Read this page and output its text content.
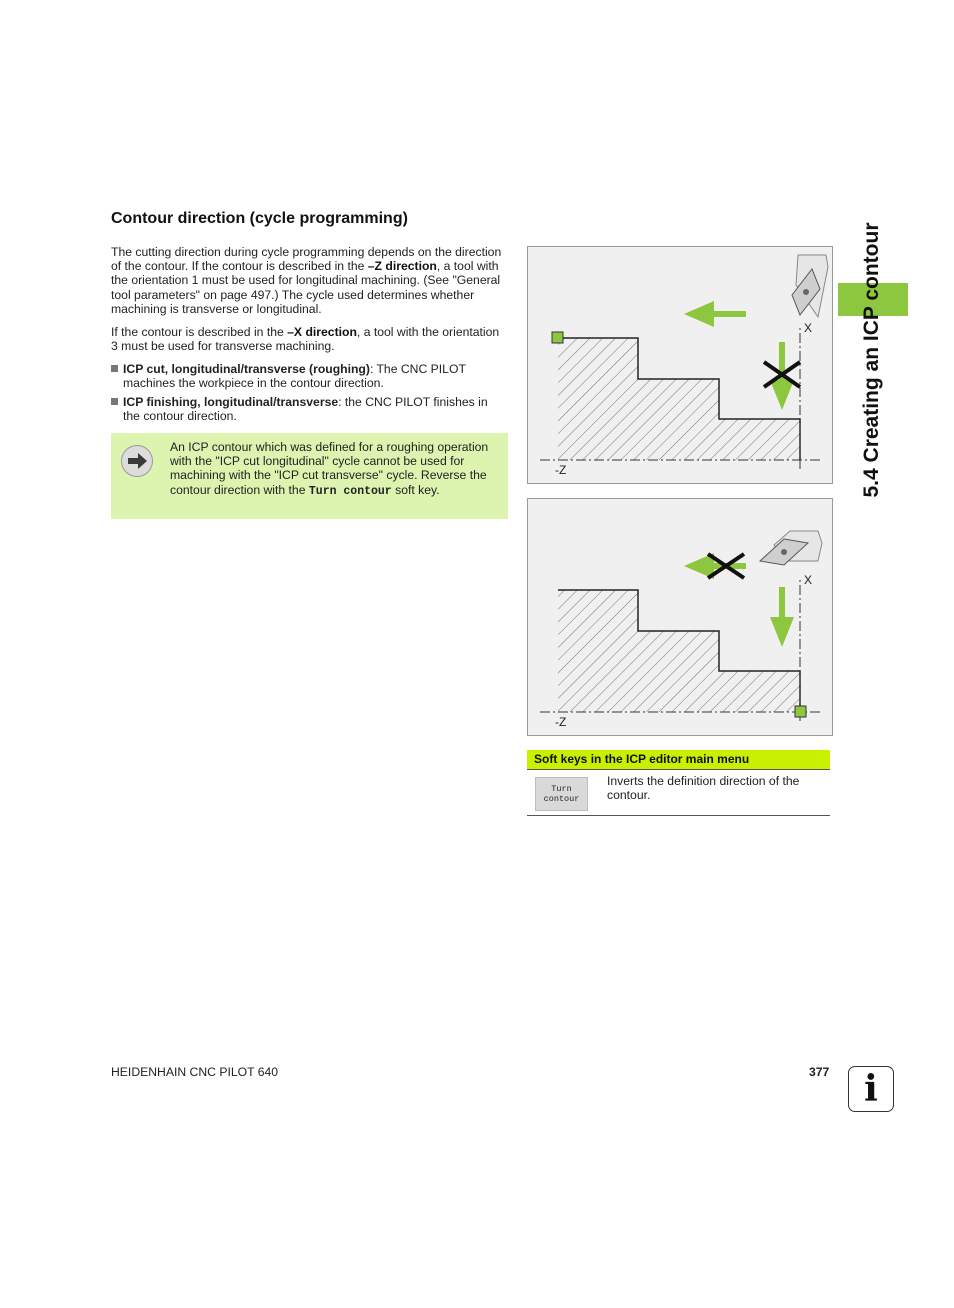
Contour direction (cycle programming)
The cutting direction during cycle programming depends on the direction of the contour. If the contour is described in the –Z direction, a tool with the orientation 1 must be used for longitudinal machining. (See "General tool parameters" on page 497.) The cycle used determines whether machining is transverse or longitudinal.
If the contour is described in the –X direction, a tool with the orientation 3 must be used for transverse machining.
ICP cut, longitudinal/transverse (roughing): The CNC PILOT machines the workpiece in the contour direction.
ICP finishing, longitudinal/transverse: the CNC PILOT finishes in the contour direction.
An ICP contour which was defined for a roughing operation with the "ICP cut longitudinal" cycle cannot be used for machining with the "ICP cut transverse" cycle. Reverse the contour direction with the Turn contour soft key.
X
-Z
X
-Z
5.4 Creating an ICP contour
Soft keys in the ICP editor main menu
Turn
contour
Inverts the definition direction of the contour.
HEIDENHAIN CNC PILOT 640	377 i
